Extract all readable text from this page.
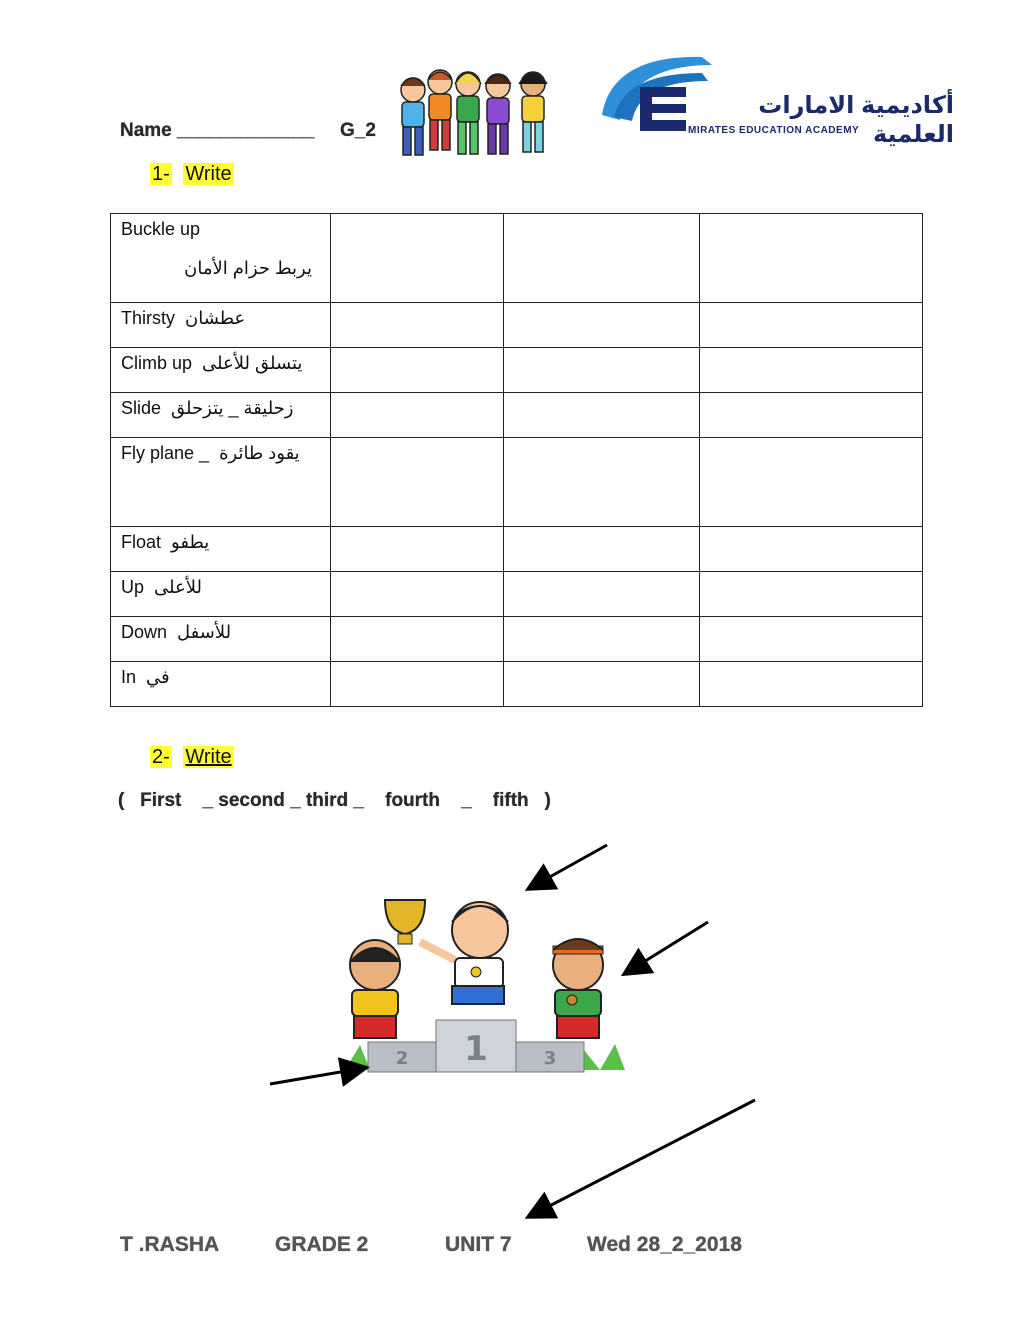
Name _____________ G_2
أكاديمية الامارات العلمية
MIRATES EDUCATION ACADEMY
1- Write
Buckle up
يربط حزام الأمان			

Thirsty عطشان			

Climb up يتسلق للأعلى			

Slide زحليقة _ يتزحلق			

Fly plane _ يقود طائرة			

Float يطفو			

Up للأعلى			

Down للأسفل			

In في			

2- Write
(   First    _ second _ third _    fourth    _    fifth   )
1
2	3
T .RASHA	GRADE 2	UNIT 7	Wed 28_2_2018
